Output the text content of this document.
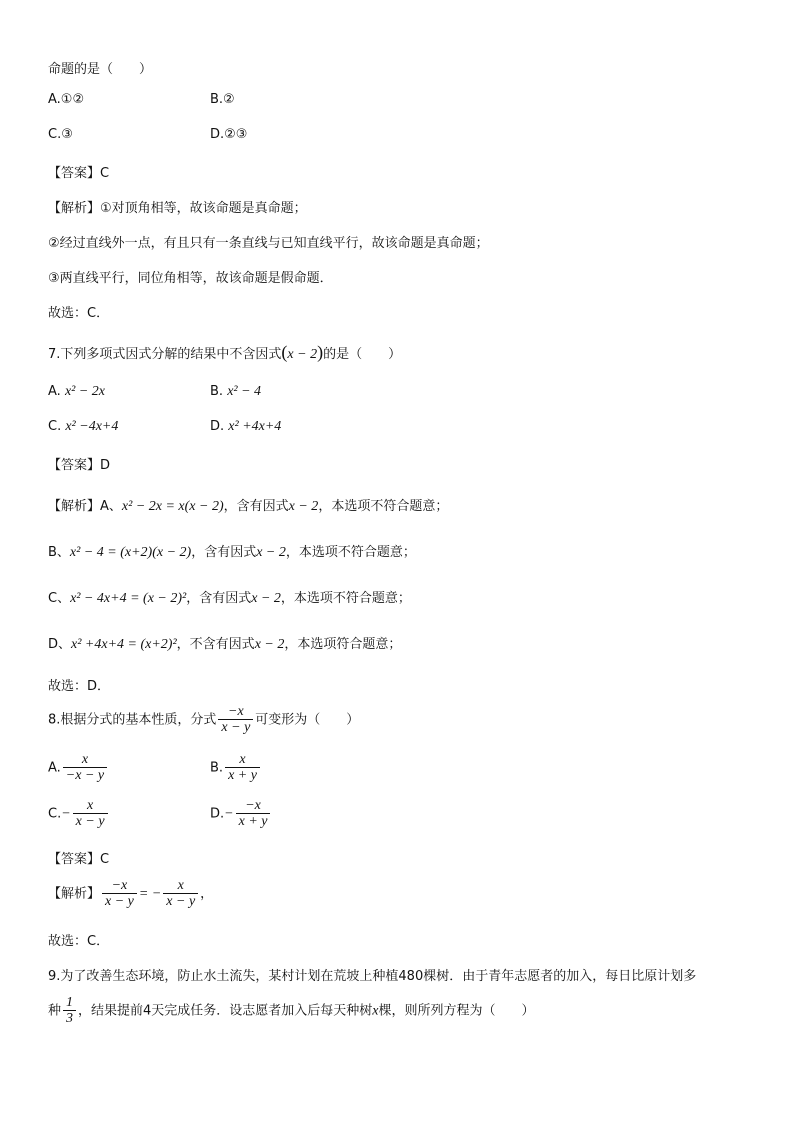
命题的是（　　）
A.①②	B.②
C.③	D.②③
【答案】C
【解析】①对顶角相等，故该命题是真命题；
②经过直线外一点，有且只有一条直线与已知直线平行，故该命题是真命题；
③两直线平行，同位角相等，故该命题是假命题．
故选：C．
7.下列多项式因式分解的结果中不含因式(x − 2)的是（　　）
A. x² − 2x	B. x² − 4
C. x² −4x+4	D. x² +4x+4
【答案】D
【解析】A、x² − 2x = x(x − 2)，含有因式x − 2，本选项不符合题意；
B、x² − 4 = (x+2)(x − 2)，含有因式x − 2，本选项不符合题意；
C、x² − 4x+4 = (x − 2)²，含有因式x − 2，本选项不符合题意；
D、x² +4x+4 = (x+2)²，不含有因式x − 2，本选项符合题意；
故选：D．
8.根据分式的基本性质，分式 $\frac{-x}{x - y}$ 可变形为（　　）
A. $\frac{x}{-x - y}$	B. $\frac{x}{x + y}$
$C.- \frac{x}{x - y}$	$D.- \frac{-x}{x + y}$
【答案】C
【解析】 $\frac{-x}{x - y}$ = − $\frac{x}{x - y}$ ，
故选：C．
9.为了改善生态环境，防止水土流失，某村计划在荒坡上种植480棵树．由于青年志愿者的加入，每日比原计划多
种 $\frac{1}{3}$ ，结果提前4天完成任务．设志愿者加入后每天种树x棵，则所列方程为（　　）
